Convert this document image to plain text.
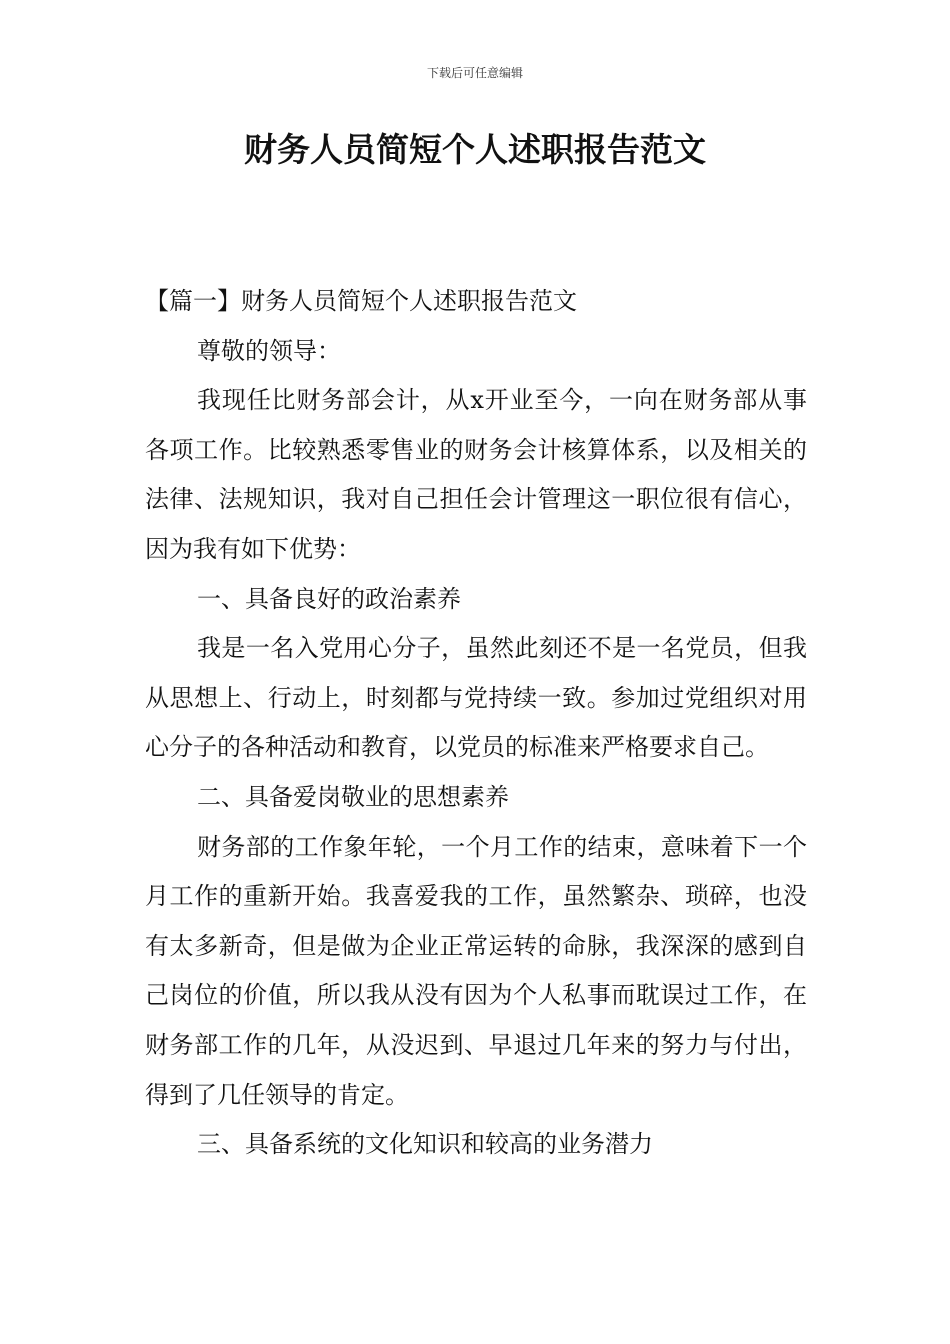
下载后可任意编辑
财务人员简短个人述职报告范文

【篇一】财务人员简短个人述职报告范文

尊敬的领导：

我现任比财务部会计，从x开业至今，一向在财务部从事各项工作。比较熟悉零售业的财务会计核算体系，以及相关的法律、法规知识，我对自己担任会计管理这一职位很有信心，因为我有如下优势：

一、具备良好的政治素养

我是一名入党用心分子，虽然此刻还不是一名党员，但我从思想上、行动上，时刻都与党持续一致。参加过党组织对用心分子的各种活动和教育，以党员的标准来严格要求自己。

二、具备爱岗敬业的思想素养

财务部的工作象年轮，一个月工作的结束，意味着下一个月工作的重新开始。我喜爱我的工作，虽然繁杂、琐碎，也没有太多新奇，但是做为企业正常运转的命脉，我深深的感到自己岗位的价值，所以我从没有因为个人私事而耽误过工作，在财务部工作的几年，从没迟到、早退过几年来的努力与付出，得到了几任领导的肯定。

三、具备系统的文化知识和较高的业务潜力
